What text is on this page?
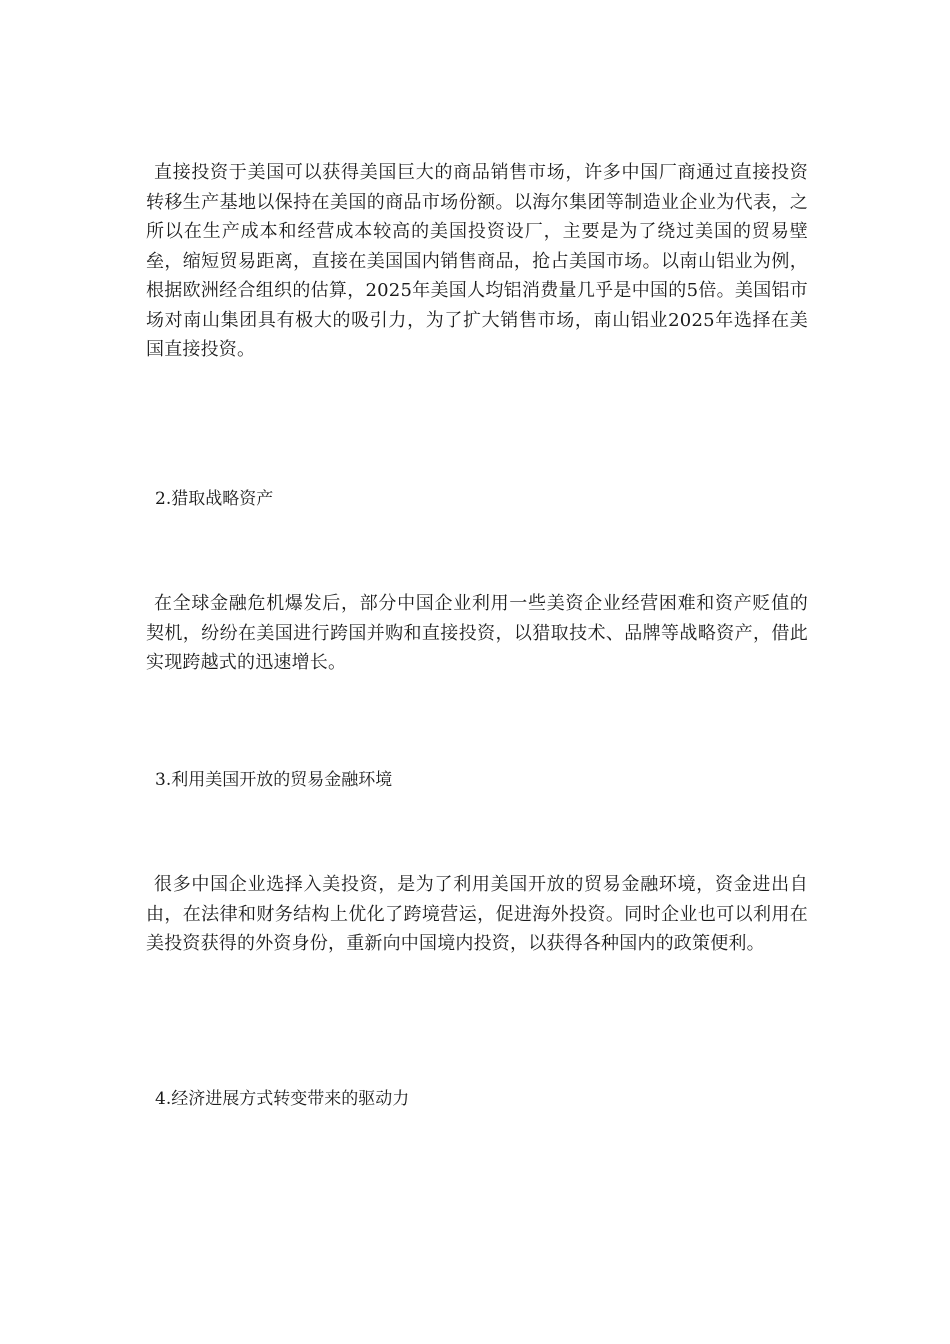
直接投资于美国可以获得美国巨大的商品销售市场，许多中国厂商通过直接投资转移生产基地以保持在美国的商品市场份额。以海尔集团等制造业企业为代表，之所以在生产成本和经营成本较高的美国投资设厂，主要是为了绕过美国的贸易壁垒，缩短贸易距离，直接在美国国内销售商品，抢占美国市场。以南山铝业为例，根据欧洲经合组织的估算，2025年美国人均铝消费量几乎是中国的5倍。美国铝市场对南山集团具有极大的吸引力，为了扩大销售市场，南山铝业2025年选择在美国直接投资。

2.猎取战略资产

在全球金融危机爆发后，部分中国企业利用一些美资企业经营困难和资产贬值的契机，纷纷在美国进行跨国并购和直接投资，以猎取技术、品牌等战略资产，借此实现跨越式的迅速增长。

3.利用美国开放的贸易金融环境

很多中国企业选择入美投资，是为了利用美国开放的贸易金融环境，资金进出自由，在法律和财务结构上优化了跨境营运，促进海外投资。同时企业也可以利用在美投资获得的外资身份，重新向中国境内投资，以获得各种国内的政策便利。

4.经济进展方式转变带来的驱动力
